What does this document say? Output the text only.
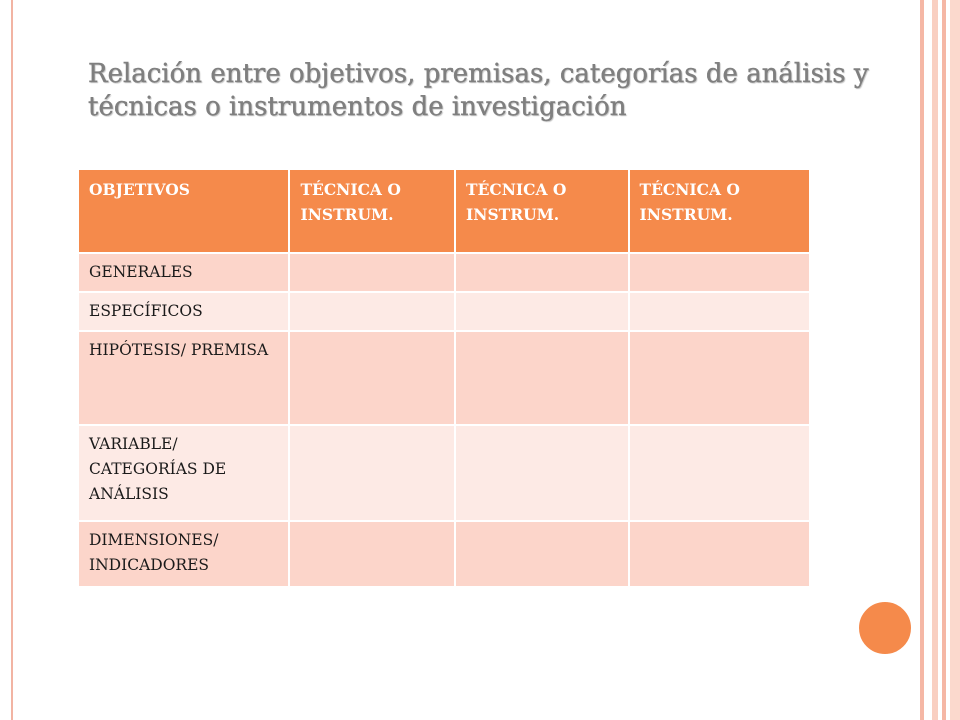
Relación entre objetivos, premisas, categorías de análisis y técnicas o instrumentos de investigación
OBJETIVOS	TÉCNICA O INSTRUM.	TÉCNICA O INSTRUM.	TÉCNICA O INSTRUM.
GENERALES			
ESPECÍFICOS			
HIPÓTESIS/ PREMISA			
VARIABLE/ CATEGORÍAS DE ANÁLISIS			
DIMENSIONES/ INDICADORES			
